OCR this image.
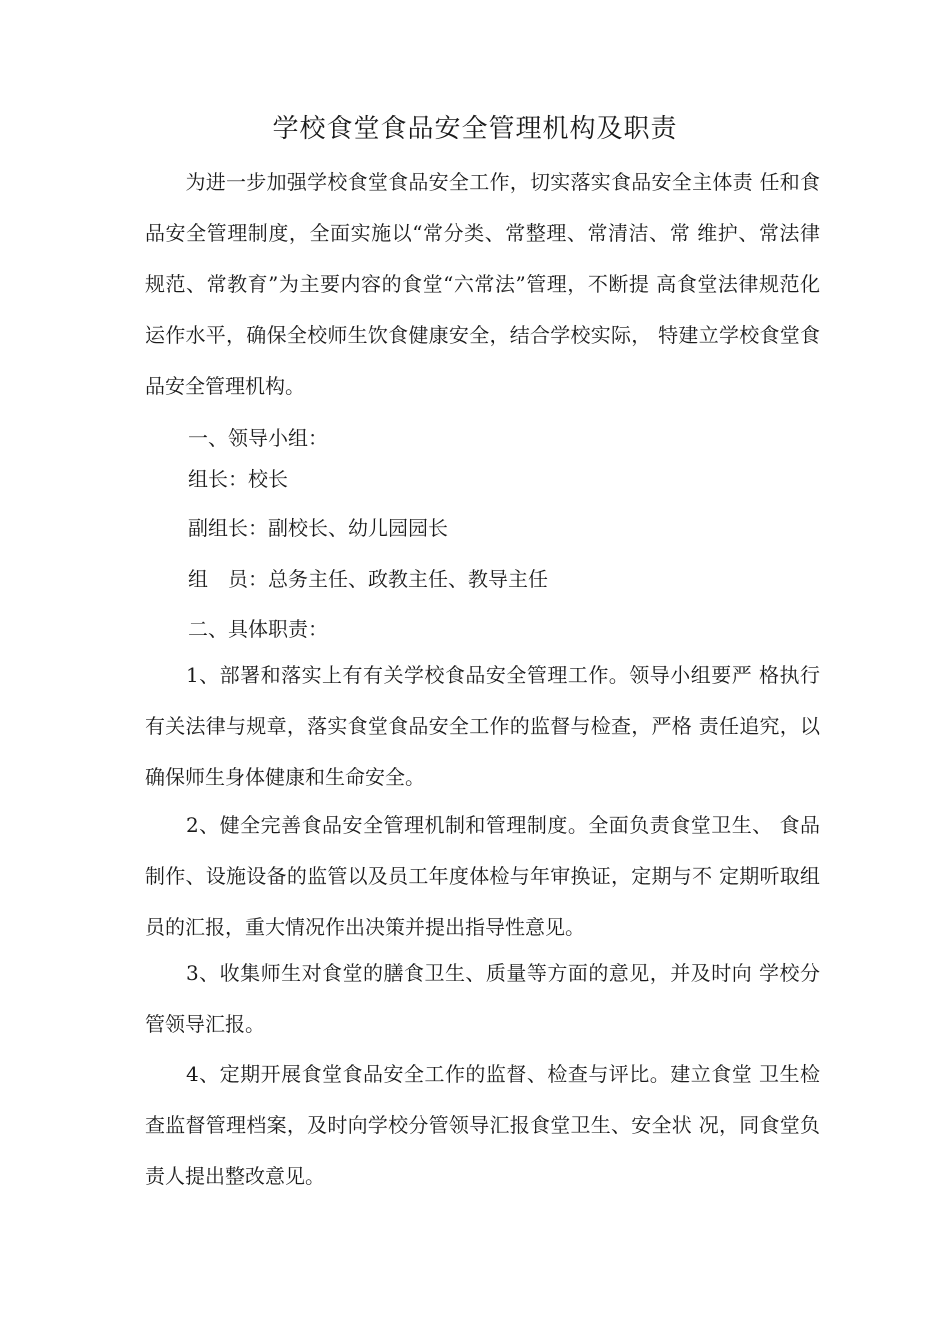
学校食堂食品安全管理机构及职责
　　为进一步加强学校食堂食品安全工作，切实落实食品安全主体责 任和食品安全管理制度，全面实施以“常分类、常整理、常清洁、常 维护、常法律规范、常教育”为主要内容的食堂“六常法”管理，不断提 高食堂法律规范化运作水平，确保全校师生饮食健康安全，结合学校实际， 特建立学校食堂食品安全管理机构。
一、领导小组：
组长：校长
副组长：副校长、幼儿园园长
组　员：总务主任、政教主任、教导主任
二、具体职责：
　　1、部署和落实上有有关学校食品安全管理工作。领导小组要严 格执行有关法律与规章，落实食堂食品安全工作的监督与检查，严格 责任追究，以确保师生身体健康和生命安全。
　　2、健全完善食品安全管理机制和管理制度。全面负责食堂卫生、 食品制作、设施设备的监管以及员工年度体检与年审换证，定期与不 定期听取组员的汇报，重大情况作出决策并提出指导性意见。
　　3、收集师生对食堂的膳食卫生、质量等方面的意见，并及时向 学校分管领导汇报。
　　4、定期开展食堂食品安全工作的监督、检查与评比。建立食堂 卫生检查监督管理档案，及时向学校分管领导汇报食堂卫生、安全状 况，同食堂负责人提出整改意见。
